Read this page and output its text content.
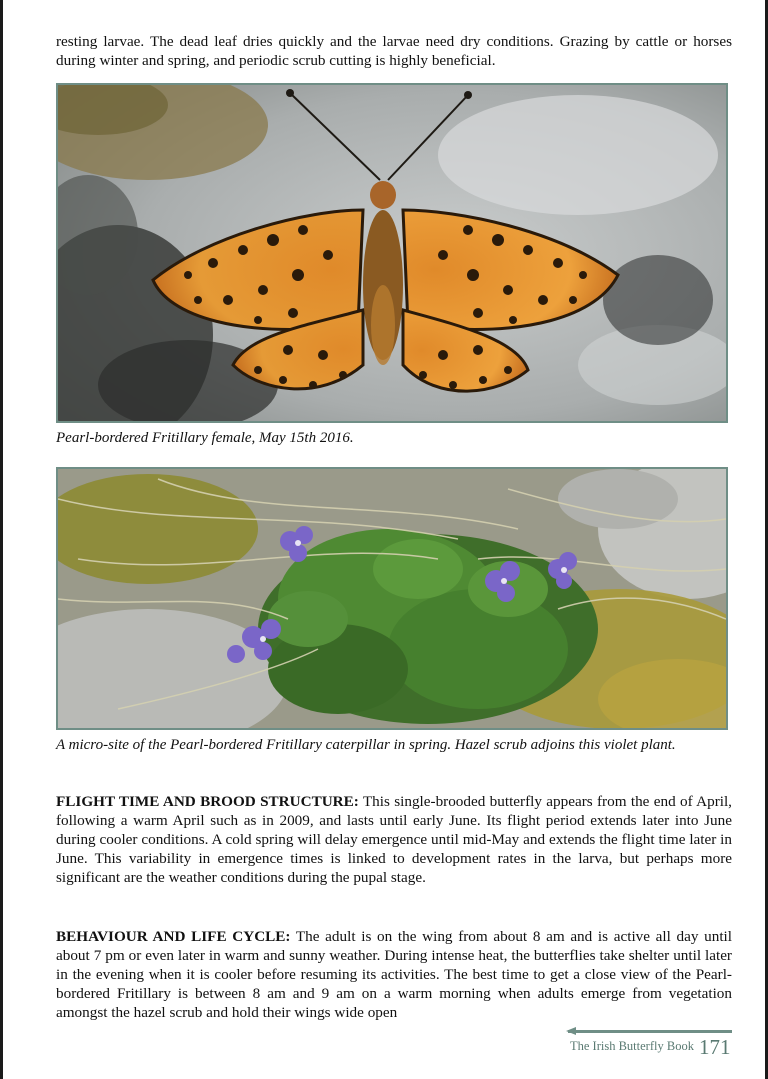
resting larvae. The dead leaf dries quickly and the larvae need dry conditions. Grazing by cattle or horses during winter and spring, and periodic scrub cutting is highly beneficial.
Pearl-bordered Fritillary female, May 15th 2016.
A micro-site of the Pearl-bordered Fritillary caterpillar in spring. Hazel scrub adjoins this violet plant.
FLIGHT TIME AND BROOD STRUCTURE: This single-brooded butterfly appears from the end of April, following a warm April such as in 2009, and lasts until early June. Its flight period extends later into June during cooler conditions. A cold spring will delay emergence until mid-May and extends the flight time later in June. This variability in emergence times is linked to development rates in the larva, but perhaps more significant are the weather conditions during the pupal stage.
BEHAVIOUR AND LIFE CYCLE: The adult is on the wing from about 8 am and is active all day until about 7 pm or even later in warm and sunny weather. During intense heat, the butterflies take shelter until later in the evening when it is cooler before resuming its activities. The best time to get a close view of the Pearl-bordered Fritillary is between 8 am and 9 am on a warm morning when adults emerge from vegetation amongst the hazel scrub and hold their wings wide open
The Irish Butterfly Book 171
